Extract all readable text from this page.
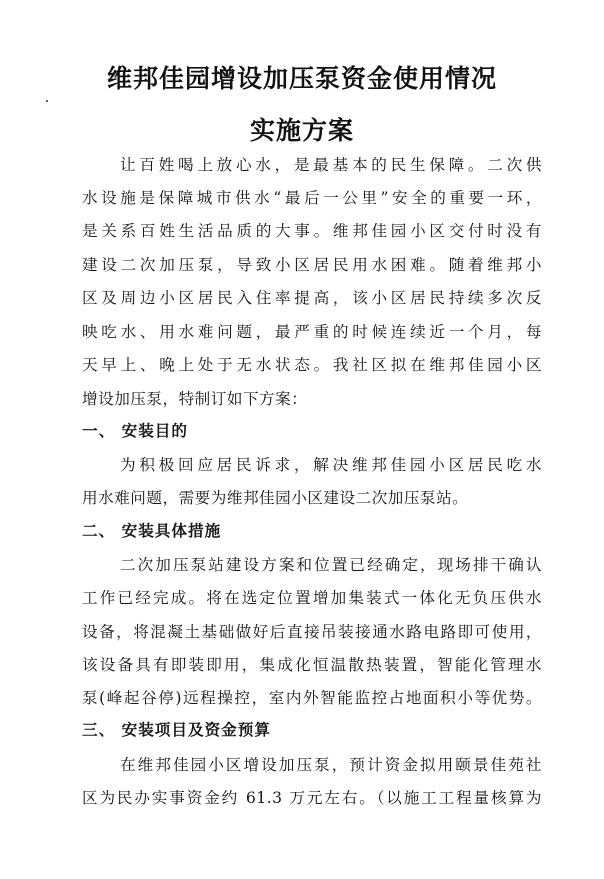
维邦佳园增设加压泵资金使用情况
实施方案
让百姓喝上放心水，是最基本的民生保障。二次供
水设施是保障城市供水“最后一公里”安全的重要一环，
是关系百姓生活品质的大事。维邦佳园小区交付时没有
建设二次加压泵，导致小区居民用水困难。随着维邦小
区及周边小区居民入住率提高，该小区居民持续多次反
映吃水、用水难问题，最严重的时候连续近一个月，每
天早上、晚上处于无水状态。我社区拟在维邦佳园小区
增设加压泵，特制订如下方案：
一、 安装目的
为积极回应居民诉求，解决维邦佳园小区居民吃水
用水难问题，需要为维邦佳园小区建设二次加压泵站。
二、 安装具体措施
二次加压泵站建设方案和位置已经确定，现场排干确认
工作已经完成。将在选定位置增加集装式一体化无负压供水
设备，将混凝土基础做好后直接吊装接通水路电路即可使用，
该设备具有即装即用，集成化恒温散热装置，智能化管理水
泵(峰起谷停)远程操控，室内外智能监控占地面积小等优势。
三、 安装项目及资金预算
在维邦佳园小区增设加压泵，预计资金拟用颐景佳苑社
区为民办实事资金约 61.3 万元左右。（以施工工程量核算为
